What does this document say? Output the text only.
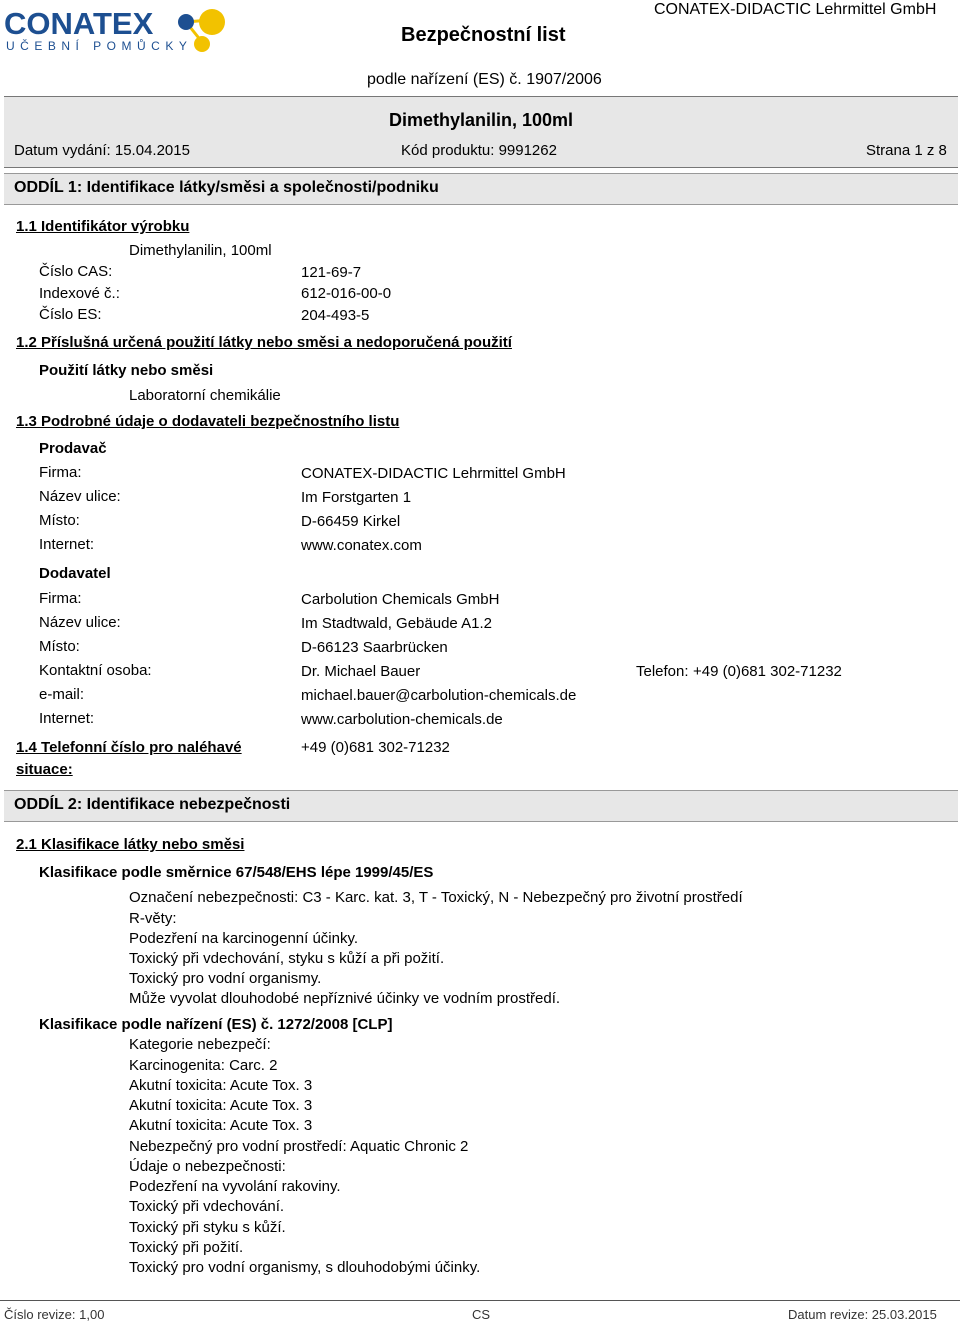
CONATEX
UČEBNÍ POMŮCKY	Bezpečnostní list
CONATEX-DIDACTIC Lehrmittel GmbH
podle nařízení (ES) č. 1907/2006
Dimethylanilin, 100ml
Datum vydání: 15.04.2015	Kód produktu: 9991262	Strana 1 z 8
ODDÍL 1: Identifikace látky/směsi a společnosti/podniku
1.1 Identifikátor výrobku
Dimethylanilin, 100ml
Číslo CAS:	121-69-7
Indexové č.:	612-016-00-0
Číslo ES:	204-493-5
1.2 Příslušná určená použití látky nebo směsi a nedoporučená použití
Použití látky nebo směsi
Laboratorní chemikálie
1.3 Podrobné údaje o dodavateli bezpečnostního listu
Prodavač
Firma:	CONATEX-DIDACTIC Lehrmittel GmbH
Název ulice:	Im Forstgarten 1
Místo:	D-66459 Kirkel
Internet:	www.conatex.com
Dodavatel
Firma:	Carbolution Chemicals GmbH
Název ulice:	Im Stadtwald, Gebäude A1.2
Místo:	D-66123 Saarbrücken
Kontaktní osoba:	Dr. Michael Bauer	Telefon: +49 (0)681 302-71232
e-mail:	michael.bauer@carbolution-chemicals.de
Internet:	www.carbolution-chemicals.de
1.4 Telefonní číslo pro naléhavé
situace:
+49 (0)681 302-71232
ODDÍL 2: Identifikace nebezpečnosti
2.1 Klasifikace látky nebo směsi
Klasifikace podle směrnice 67/548/EHS lépe 1999/45/ES
Označení nebezpečnosti: C3 - Karc. kat. 3, T - Toxický, N - Nebezpečný pro životní prostředí
R-věty:
Podezření na karcinogenní účinky.
Toxický při vdechování, styku s kůží a při požití.
Toxický pro vodní organismy.
Může vyvolat dlouhodobé nepříznivé účinky ve vodním prostředí.
Klasifikace podle nařízení (ES) č. 1272/2008 [CLP]
Kategorie nebezpečí:
Karcinogenita: Carc. 2
Akutní toxicita: Acute Tox. 3
Akutní toxicita: Acute Tox. 3
Akutní toxicita: Acute Tox. 3
Nebezpečný pro vodní prostředí: Aquatic Chronic 2
Údaje o nebezpečnosti:
Podezření na vyvolání rakoviny.
Toxický při vdechování.
Toxický při styku s kůží.
Toxický při požití.
Toxický pro vodní organismy, s dlouhodobými účinky.
Číslo revize: 1,00	CS	Datum revize: 25.03.2015
